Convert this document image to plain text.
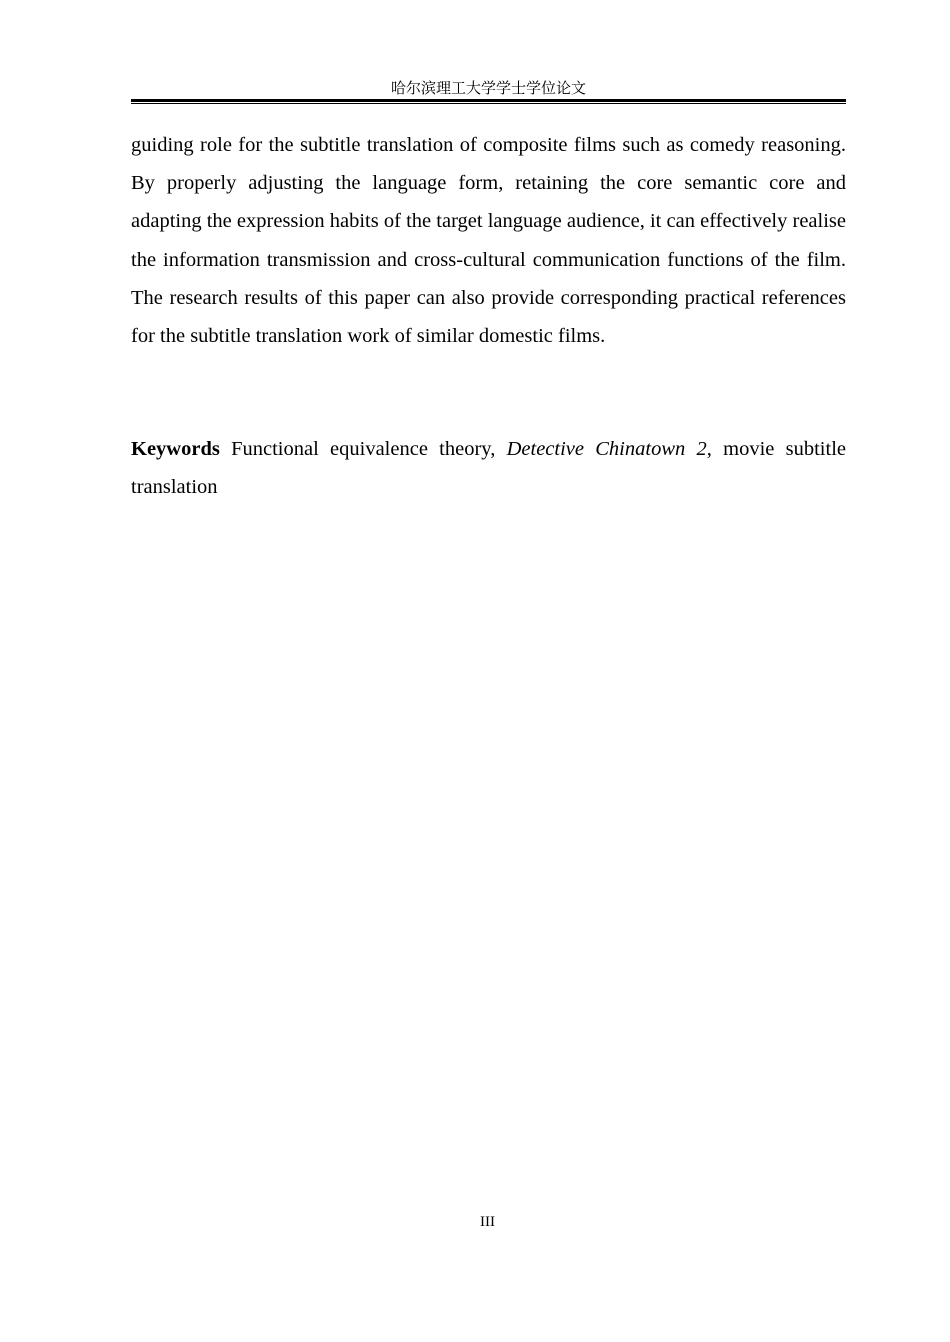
哈尔滨理工大学学士学位论文

guiding role for the subtitle translation of composite films such as comedy reasoning. By properly adjusting the language form, retaining the core semantic core and adapting the expression habits of the target language audience, it can effectively realise the information transmission and cross-cultural communication functions of the film. The research results of this paper can also provide corresponding practical references for the subtitle translation work of similar domestic films.

Keywords Functional equivalence theory, Detective Chinatown 2, movie subtitle translation

III
